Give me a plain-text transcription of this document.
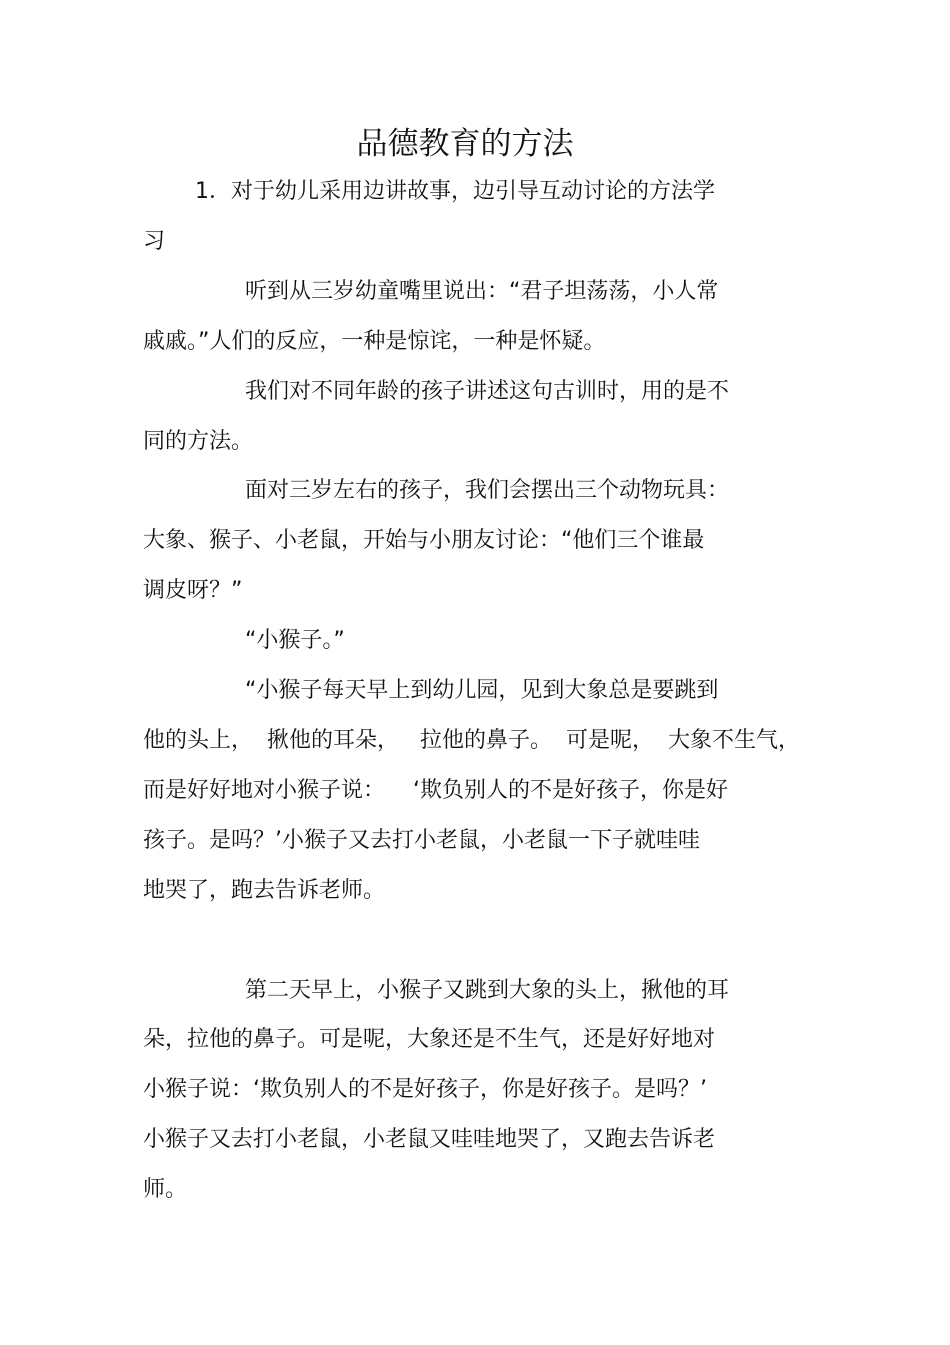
品德教育的方法
1．对于幼儿采用边讲故事，边引导互动讨论的方法学
习
听到从三岁幼童嘴里说出：“君子坦荡荡，小人常
戚戚。”人们的反应，一种是惊诧，一种是怀疑。
我们对不同年龄的孩子讲述这句古训时，用的是不
同的方法。
面对三岁左右的孩子，我们会摆出三个动物玩具：
大象、猴子、小老鼠，开始与小朋友讨论：“他们三个谁最
调皮呀？”
“小猴子。”
“小猴子每天早上到幼儿园，见到大象总是要跳到
他的头上，  揪他的耳朵，   拉他的鼻子。  可是呢，  大象不生气，
而是好好地对小猴子说：    ‘欺负别人的不是好孩子，你是好
孩子。是吗？’小猴子又去打小老鼠，小老鼠一下子就哇哇
地哭了，跑去告诉老师。
第二天早上，小猴子又跳到大象的头上，揪他的耳
朵，拉他的鼻子。可是呢，大象还是不生气，还是好好地对
小猴子说：‘欺负别人的不是好孩子，你是好孩子。是吗？’
小猴子又去打小老鼠，小老鼠又哇哇地哭了，又跑去告诉老
师。
